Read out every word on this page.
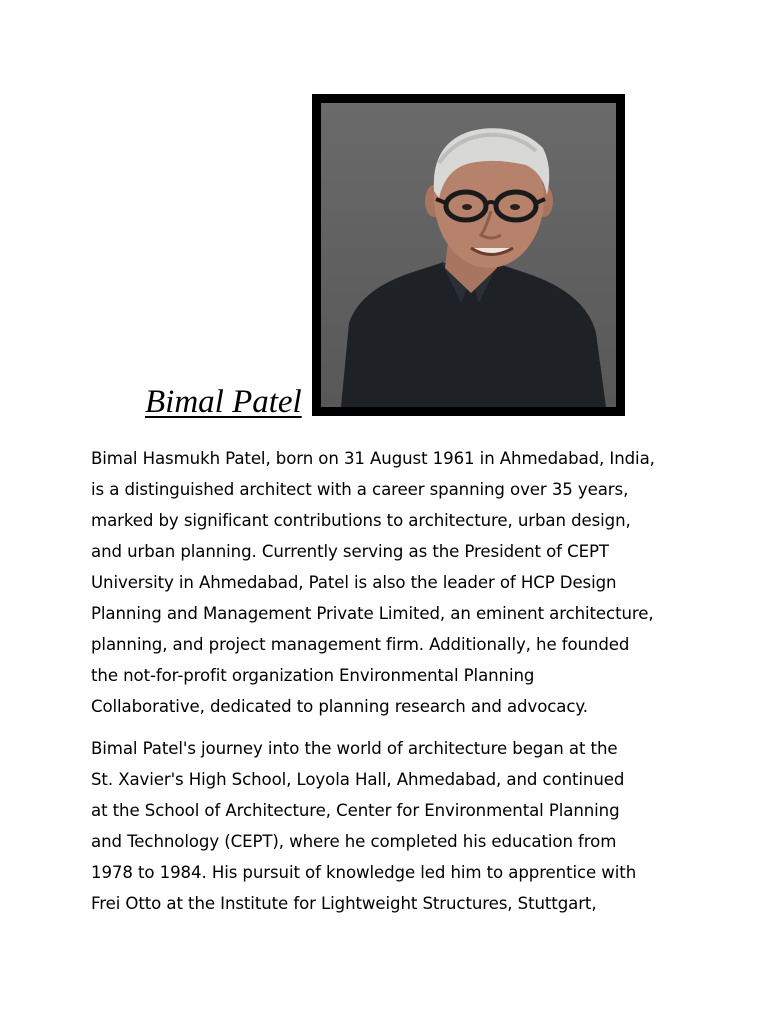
Bimal Patel

Bimal Hasmukh Patel, born on 31 August 1961 in Ahmedabad, India,
is a distinguished architect with a career spanning over 35 years,
marked by significant contributions to architecture, urban design,
and urban planning. Currently serving as the President of CEPT
University in Ahmedabad, Patel is also the leader of HCP Design
Planning and Management Private Limited, an eminent architecture,
planning, and project management firm. Additionally, he founded
the not-for-profit organization Environmental Planning
Collaborative, dedicated to planning research and advocacy.

Bimal Patel's journey into the world of architecture began at the
St. Xavier's High School, Loyola Hall, Ahmedabad, and continued
at the School of Architecture, Center for Environmental Planning
and Technology (CEPT), where he completed his education from
1978 to 1984. His pursuit of knowledge led him to apprentice with
Frei Otto at the Institute for Lightweight Structures, Stuttgart,
